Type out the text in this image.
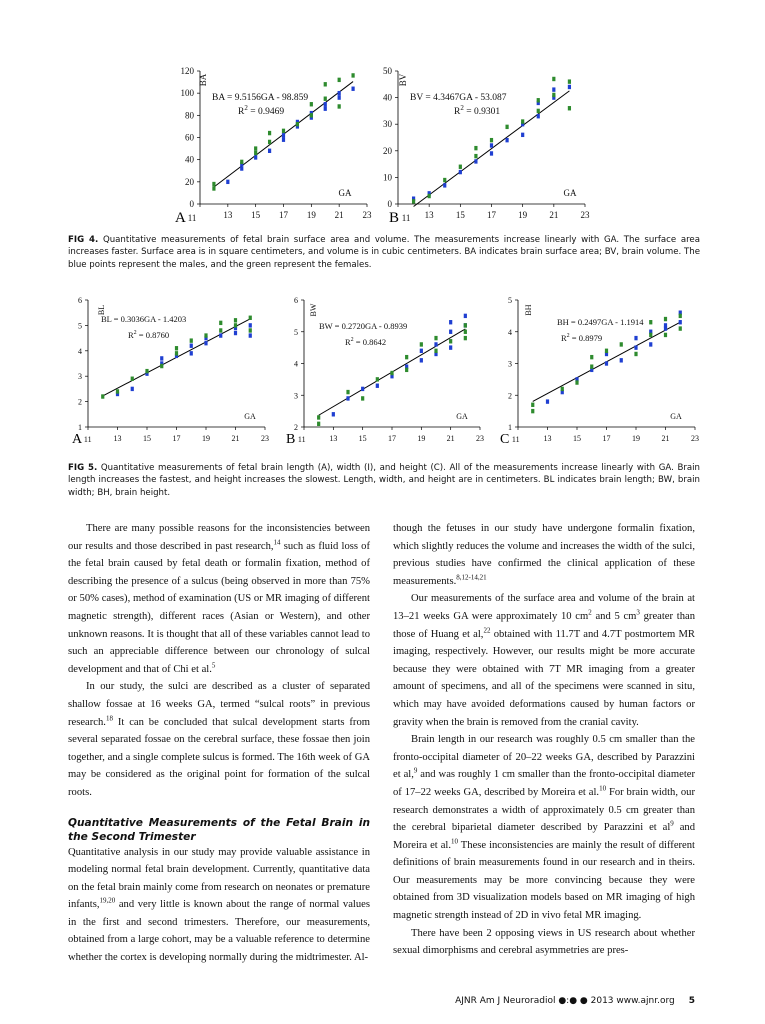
0
20
40
60
80
100
120
13 15 17 19 21 23
A 11
BA
GA
BA = 9.5156GA - 98.859
$R^2 = 0.9469$
0
10
20
30
40
50
13 15 17 19 21 23
B 11
BV
GA
BV = 4.3467GA - 53.087
$R^2 = 0.9301$
FIG 4. Quantitative measurements of fetal brain surface area and volume. The measurements increase linearly with GA. The surface area increases faster. Surface area is in square centimeters, and volume is in cubic centimeters. BA indicates brain surface area; BV, brain volume. The blue points represent the males, and the green represent the females.
1
2
3
4
5
6
13	15	17	19	21	23
A 11
BL
GA
BL = 0.3036GA - 1.4203
$R^2 = 0.8760$
2
3
4
5
6
13	15	17	19	21	23
B 11
BW
GA
BW = 0.2720GA - 0.8939
$R^2 = 0.8642$
1
2
3
4
5
13	15	17	19	21	23
C 11
BH
GA
BH = 0.2497GA - 1.1914
$R^2 = 0.8979$
FIG 5. Quantitative measurements of fetal brain length (A), width (I), and height (C). All of the measurements increase linearly with GA. Brain length increases the fastest, and height increases the slowest. Length, width, and height are in centimeters. BL indicates brain length; BW, brain width; BH, brain height.

There are many possible reasons for the inconsistencies between our results and those described in past research,$^{14}$ such as fluid loss of the fetal brain caused by fetal death or formalin fixation, method of describing the presence of a sulcus (being observed in more than 75% or 50% cases), method of examination (US or MR imaging of different magnetic strength), different races (Asian or Western), and other unknown reasons. It is thought that all of these variables cannot lead to such an appreciable difference between our chronology of sulcal development and that of Chi et al.$^5$

In our study, the sulci are described as a cluster of separated shallow fossae at 16 weeks GA, termed “sulcal roots” in previous research.$^{18}$ It can be concluded that sulcal development starts from several separated fossae on the cerebral surface, these fossae then join together, and a single complete sulcus is formed. The 16th week of GA may be considered as the original point for formation of the sulcal roots.

Quantitative Measurements of the Fetal Brain in the Second Trimester

Quantitative analysis in our study may provide valuable assistance in modeling normal fetal brain development. Currently, quantitative data on the fetal brain mainly come from research on neonates or premature infants,$^{19,20}$ and very little is known about the range of normal values in the first and second trimesters. Therefore, our measurements, obtained from a large cohort, may be a valuable reference to determine whether the cortex is developing normally during the midtrimester. Al-

though the fetuses in our study have undergone formalin fixation, which slightly reduces the volume and increases the width of the sulci, previous studies have confirmed the clinical application of these measurements.$^{8,12-14,21}$

Our measurements of the surface area and volume of the brain at 13–21 weeks GA were approximately 10 $cm^2$ and 5 $cm^3$ greater than those of Huang et al,$^{22}$ obtained with 11.7T and 4.7T postmortem MR imaging, respectively. However, our results might be more accurate because they were obtained with 7T MR imaging from a greater amount of specimens, and all of the specimens were scanned in situ, which may have avoided deformations caused by human factors or gravity when the brain is removed from the cranial cavity.

Brain length in our research was roughly 0.5 cm smaller than the fronto-occipital diameter of 20–22 weeks GA, described by Parazzini et al,$^9$ and was roughly 1 cm smaller than the fronto-occipital diameter of 17–22 weeks GA, described by Moreira et al.$^{10}$ For brain width, our research demonstrates a width of approximately 0.5 cm greater than the cerebral biparietal diameter described by Parazzini et $al^9$ and Moreira et al.$^{10}$ These inconsistencies are mainly the result of different definitions of brain measurements found in our research and in theirs. Our measurements may be more convincing because they were obtained from 3D visualization models based on MR imaging of high magnetic strength instead of 2D in vivo fetal MR imaging.

There have been 2 opposing views in US research about whether sexual dimorphisms and cerebral asymmetries are pres-

AJNR Am J Neuroradiol ●:● ● 2013 www.ajnr.org 5
